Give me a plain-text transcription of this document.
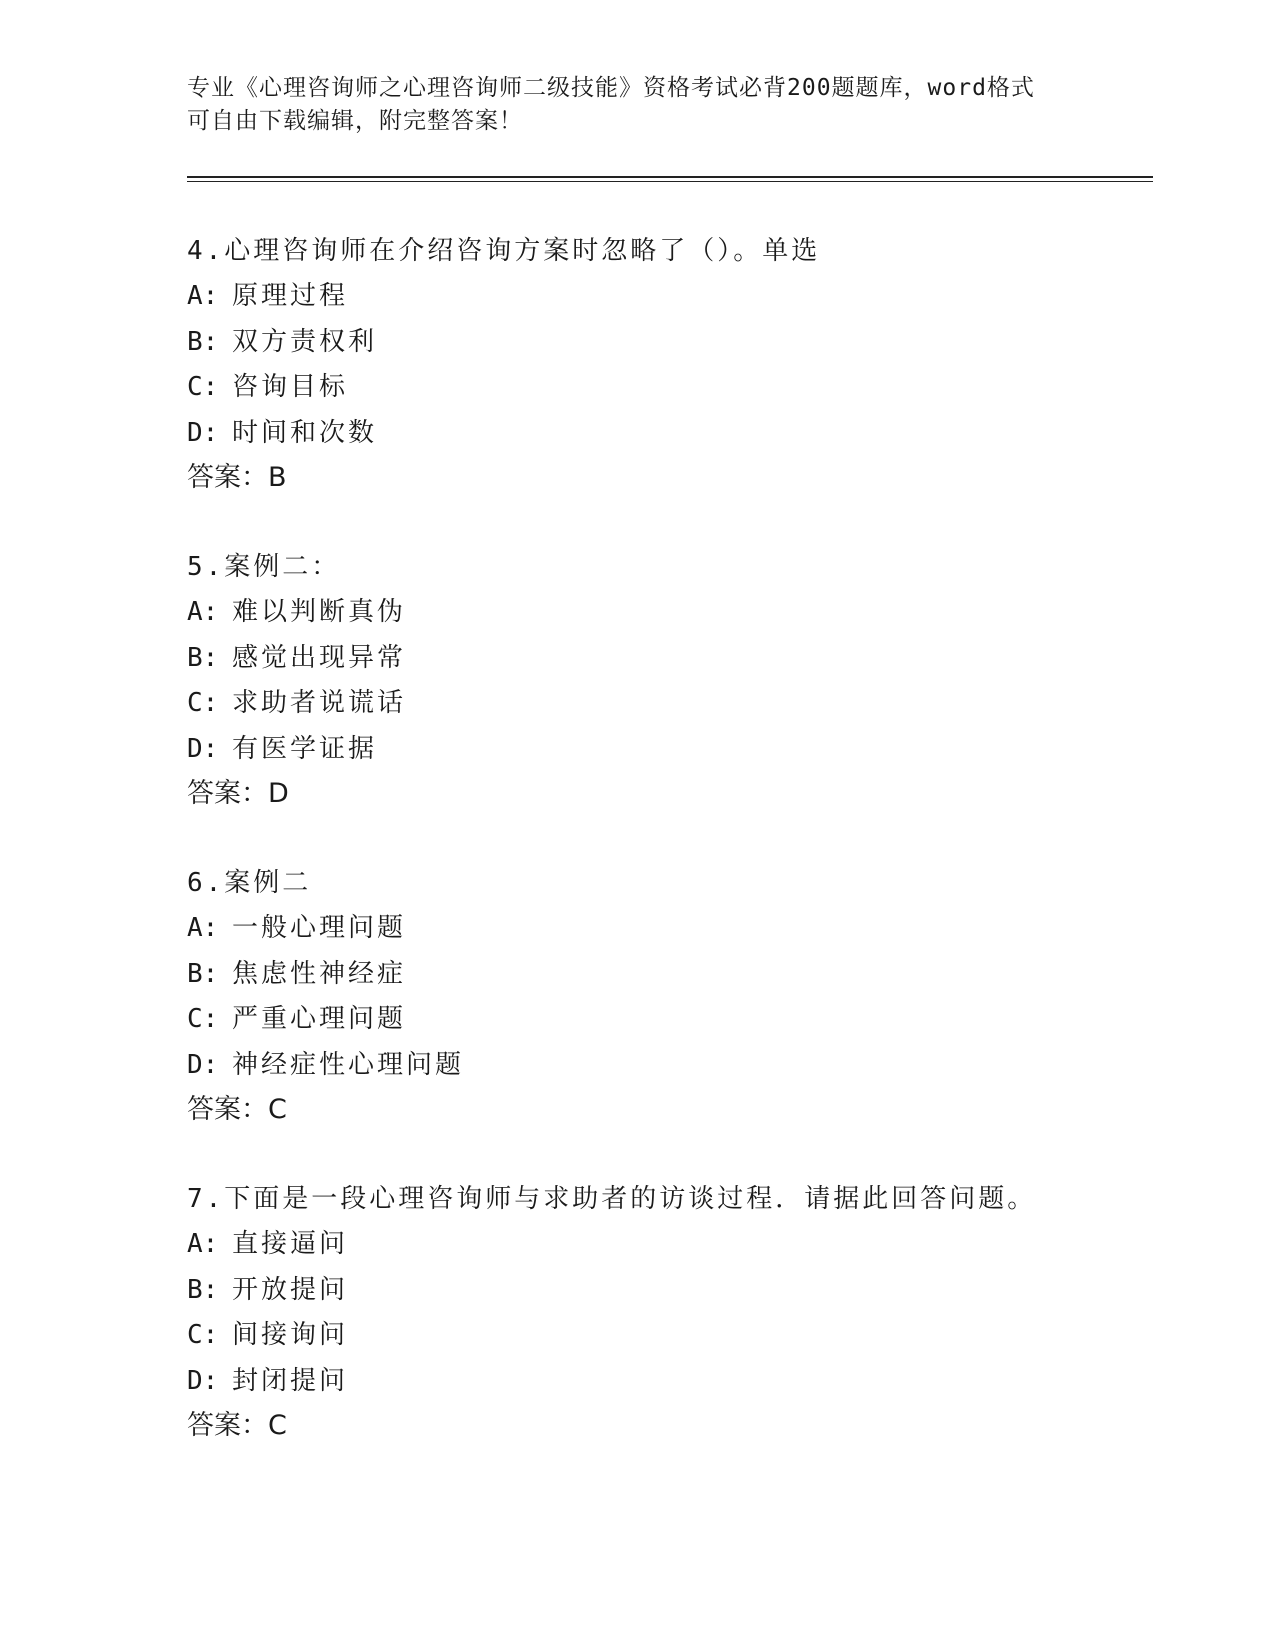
专业《心理咨询师之心理咨询师二级技能》资格考试必背200题题库，word格式

可自由下载编辑，附完整答案！

4.心理咨询师在介绍咨询方案时忽略了（）。单选

A: 原理过程

B: 双方责权利

C: 咨询目标

D: 时间和次数

答案：B

5.案例二：

A: 难以判断真伪

B: 感觉出现异常

C: 求助者说谎话

D: 有医学证据

答案：D

6.案例二

A: 一般心理问题

B: 焦虑性神经症

C: 严重心理问题

D: 神经症性心理问题

答案：C

7.下面是一段心理咨询师与求助者的访谈过程．请据此回答问题。

A: 直接逼问

B: 开放提问

C: 间接询问

D: 封闭提问

答案：C
